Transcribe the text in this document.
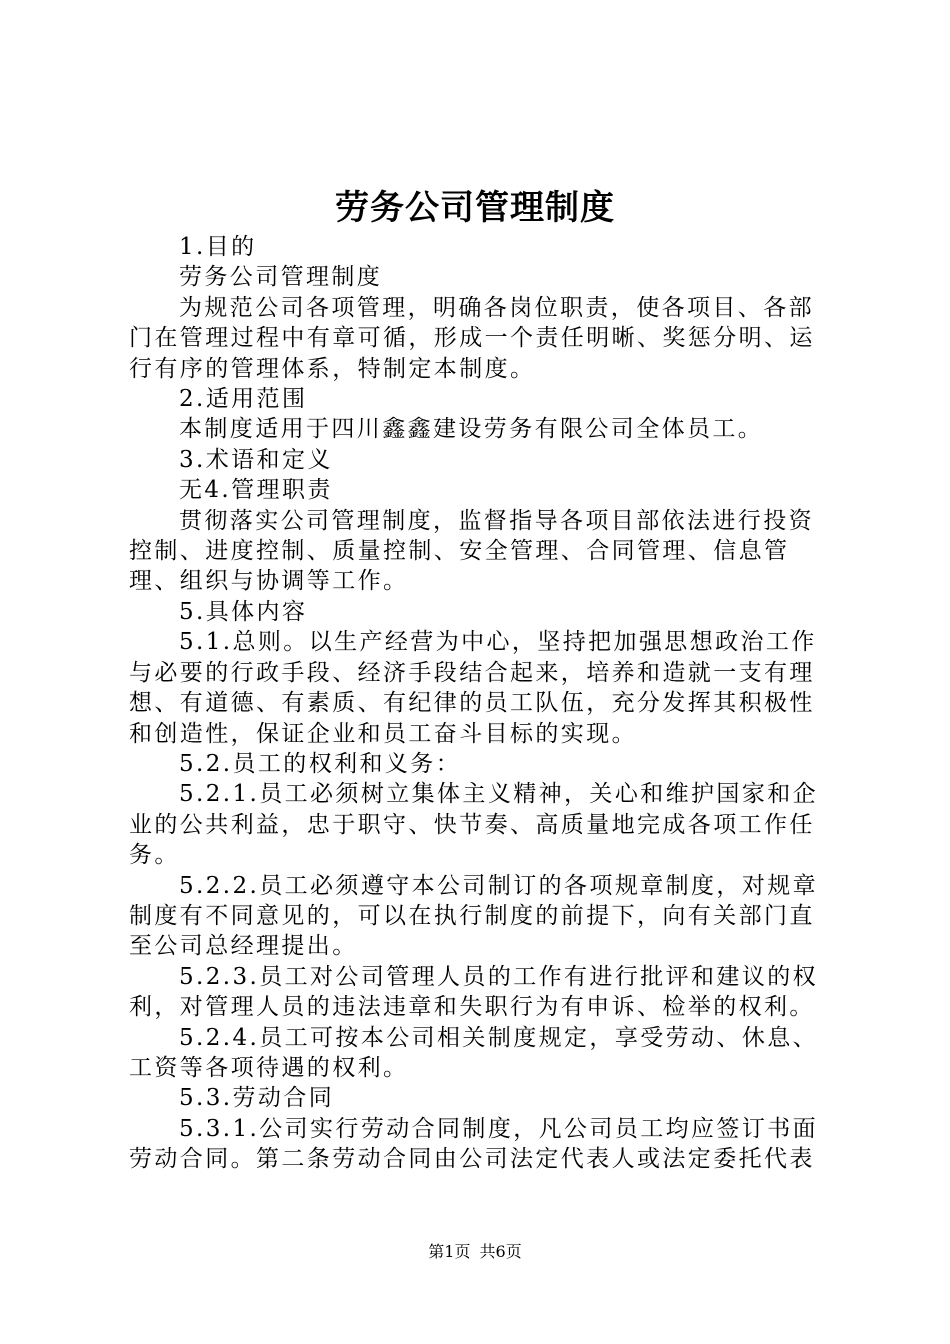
劳务公司管理制度

1.目的

劳务公司管理制度

为规范公司各项管理，明确各岗位职责，使各项目、各部门在管理过程中有章可循，形成一个责任明晰、奖惩分明、运行有序的管理体系，特制定本制度。

2.适用范围

本制度适用于四川鑫鑫建设劳务有限公司全体员工。

3.术语和定义

无4.管理职责

贯彻落实公司管理制度，监督指导各项目部依法进行投资控制、进度控制、质量控制、安全管理、合同管理、信息管理、组织与协调等工作。

5.具体内容

5.1.总则。以生产经营为中心，坚持把加强思想政治工作与必要的行政手段、经济手段结合起来，培养和造就一支有理想、有道德、有素质、有纪律的员工队伍，充分发挥其积极性和创造性，保证企业和员工奋斗目标的实现。

5.2.员工的权利和义务：

5.2.1.员工必须树立集体主义精神，关心和维护国家和企业的公共利益，忠于职守、快节奏、高质量地完成各项工作任务。

5.2.2.员工必须遵守本公司制订的各项规章制度，对规章制度有不同意见的，可以在执行制度的前提下，向有关部门直至公司总经理提出。

5.2.3.员工对公司管理人员的工作有进行批评和建议的权利，对管理人员的违法违章和失职行为有申诉、检举的权利。

5.2.4.员工可按本公司相关制度规定，享受劳动、休息、工资等各项待遇的权利。

5.3.劳动合同

5.3.1.公司实行劳动合同制度，凡公司员工均应签订书面劳动合同。第二条劳动合同由公司法定代表人或法定委托代表

第1页 共6页
